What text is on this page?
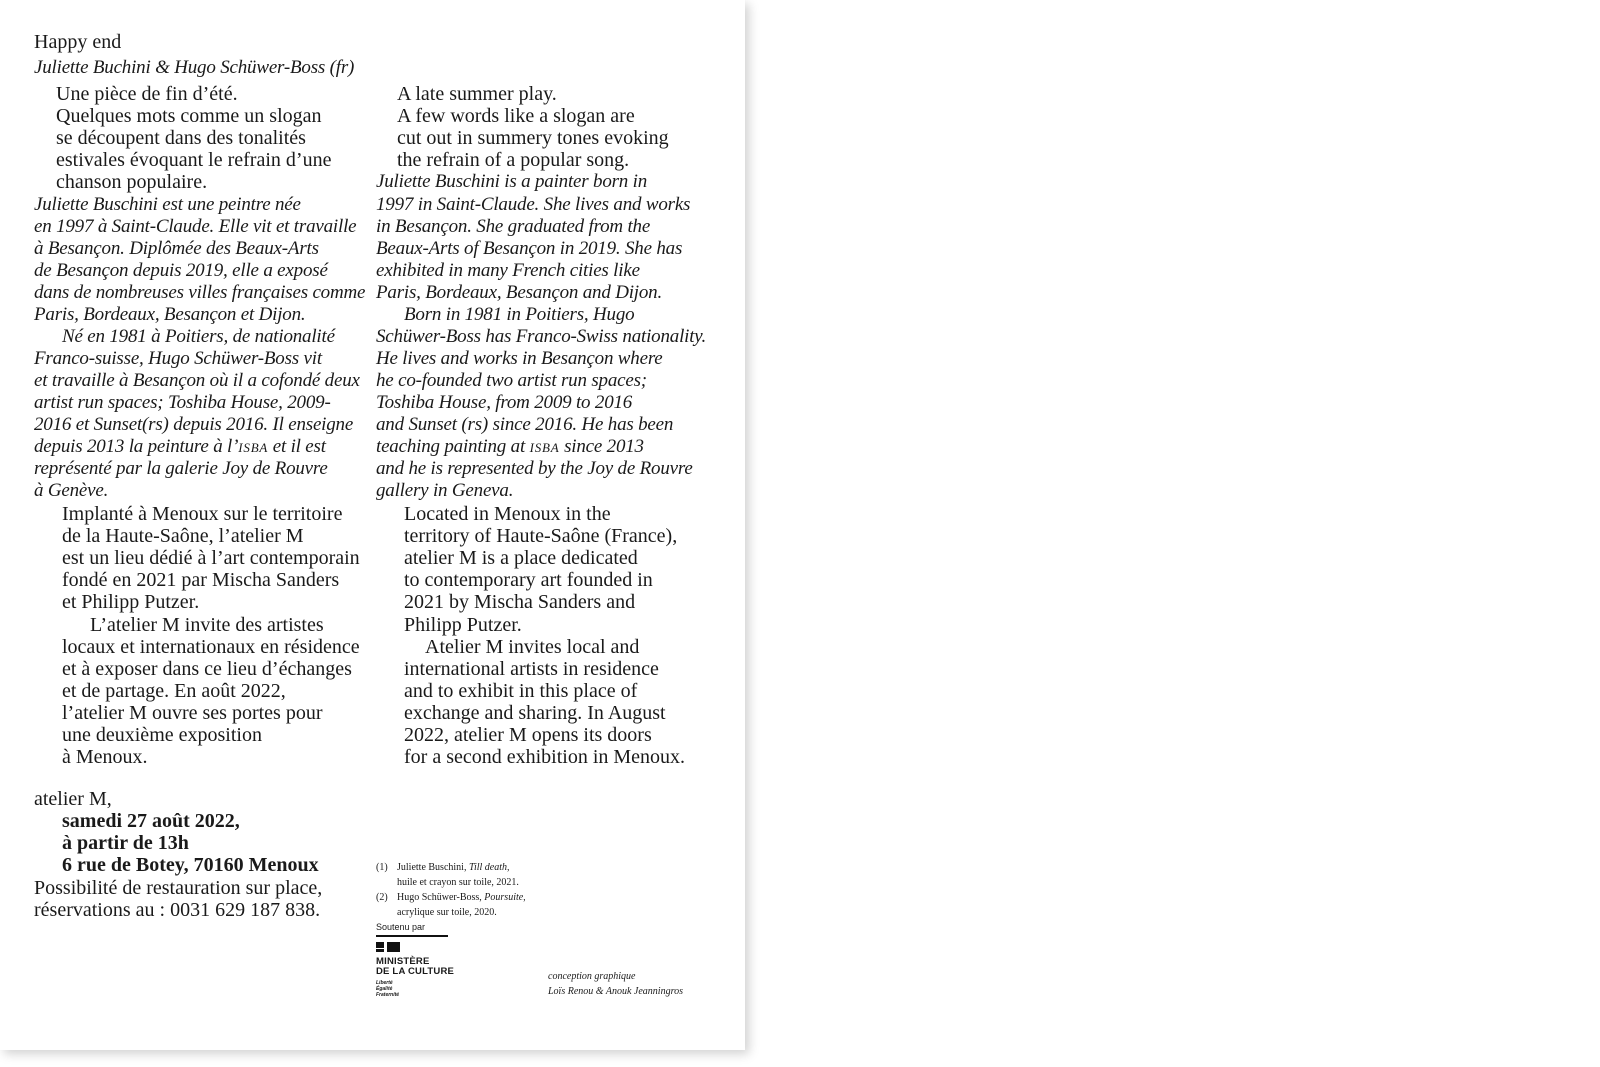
Happy end
Juliette Buchini & Hugo Schüwer-Boss (fr)
Une pièce de fin d’été.
Quelques mots comme un slogan
se découpent dans des tonalités
estivales évoquant le refrain d’une
chanson populaire.
Juliette Buschini est une peintre née
en 1997 à Saint-Claude. Elle vit et travaille
à Besançon. Diplômée des Beaux-Arts
de Besançon depuis 2019, elle a exposé
dans de nombreuses villes françaises comme
Paris, Bordeaux, Besançon et Dijon.
Né en 1981 à Poitiers, de nationalité
Franco-suisse, Hugo Schüwer-Boss vit
et travaille à Besançon où il a cofondé deux
artist run spaces; Toshiba House, 2009-
2016 et Sunset(rs) depuis 2016. Il enseigne
depuis 2013 la peinture à l’ISBA et il est
représenté par la galerie Joy de Rouvre
à Genève.
Implanté à Menoux sur le territoire
de la Haute-Saône, l’atelier M
est un lieu dédié à l’art contemporain
fondé en 2021 par Mischa Sanders
et Philipp Putzer.
L’atelier M invite des artistes
locaux et internationaux en résidence
et à exposer dans ce lieu d’échanges
et de partage. En août 2022,
l’atelier M ouvre ses portes pour
une deuxième exposition
à Menoux.
atelier M,
samedi 27 août 2022,
à partir de 13h
6 rue de Botey, 70160 Menoux
Possibilité de restauration sur place,
réservations au : 0031 629 187 838.
A late summer play.
A few words like a slogan are
cut out in summery tones evoking
the refrain of a popular song.
Juliette Buschini is a painter born in
1997 in Saint-Claude. She lives and works
in Besançon. She graduated from the
Beaux-Arts of Besançon in 2019. She has
exhibited in many French cities like
Paris, Bordeaux, Besançon and Dijon.
Born in 1981 in Poitiers, Hugo
Schüwer-Boss has Franco-Swiss nationality.
He lives and works in Besançon where
he co-founded two artist run spaces;
Toshiba House, from 2009 to 2016
and Sunset (rs) since 2016. He has been
teaching painting at ISBA since 2013
and he is represented by the Joy de Rouvre
gallery in Geneva.
Located in Menoux in the
territory of Haute-Saône (France),
atelier M is a place dedicated
to contemporary art founded in
2021 by Mischa Sanders and
Philipp Putzer.
Atelier M invites local and
international artists in residence
and to exhibit in this place of
exchange and sharing. In August
2022, atelier M opens its doors
for a second exhibition in Menoux.
(1) Juliette Buschini, Till death,
huile et crayon sur toile, 2021.
(2) Hugo Schüwer-Boss, Poursuite,
acrylique sur toile, 2020.
Soutenu par
MINISTÈRE
DE LA CULTURE
Liberté
Égalité
Fraternité
conception graphique
Loïs Renou & Anouk Jeanningros
